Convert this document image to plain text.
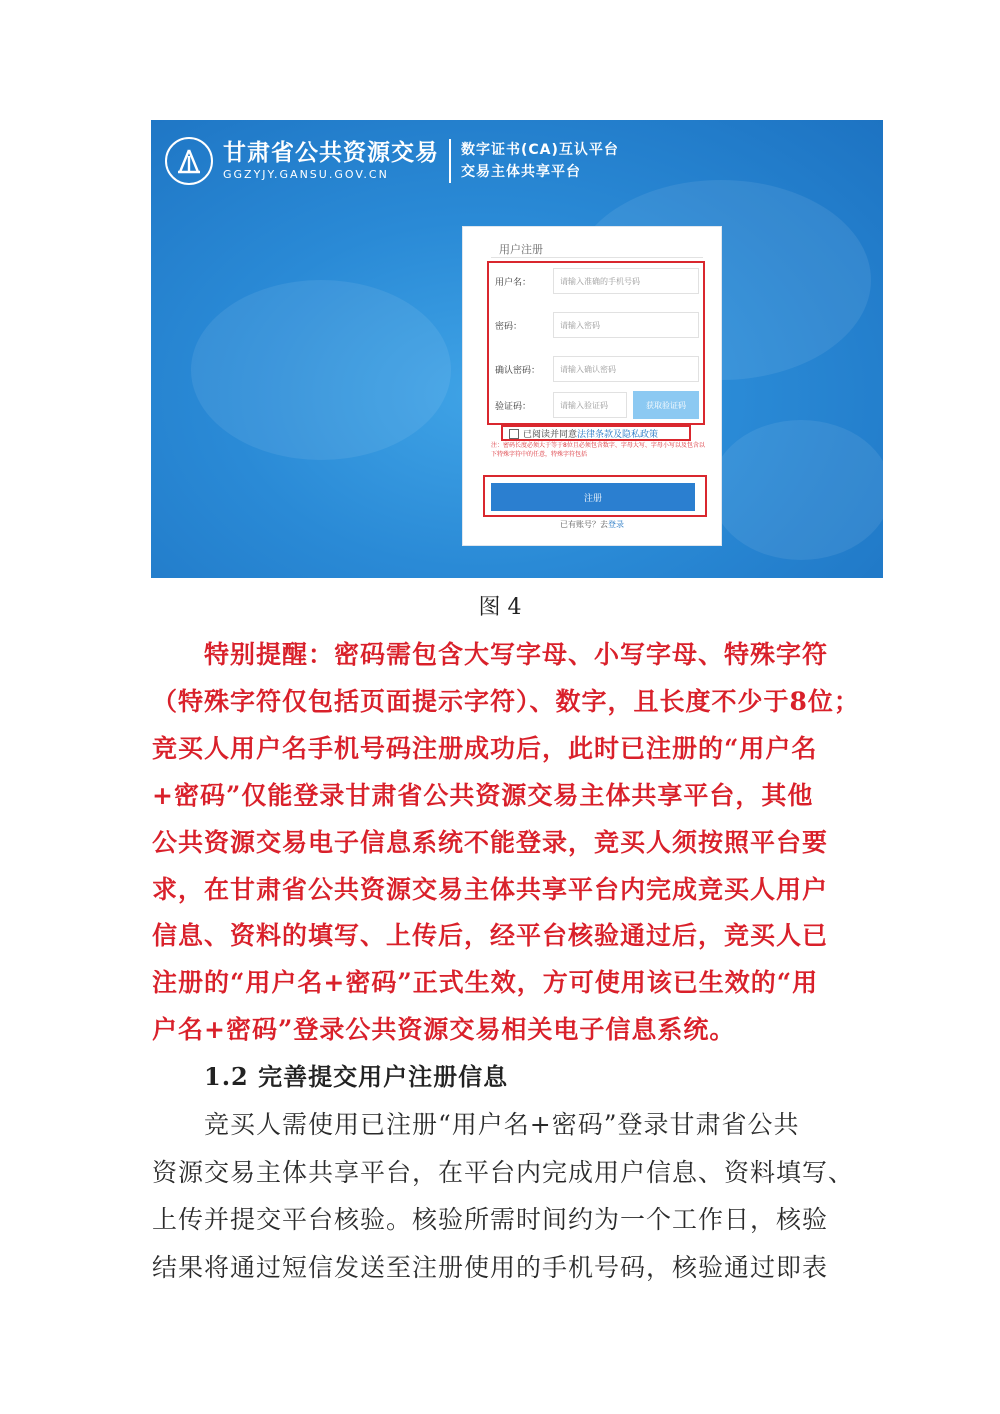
甘肃省公共资源交易
GGZYJY.GANSU.GOV.CN
数字证书(CA)互认平台
交易主体共享平台
用户注册
用户名：	请输入准确的手机号码
密码：	请输入密码
确认密码：	请输入确认密码
验证码：	请输入验证码	获取验证码
已阅读并同意 法律条款及隐私政策
注：密码长度必须大于等于8位且必须包含数字、字母大写、字母小写以及包含以下特殊字符中的任意，特殊字符包括
注册
已有账号？去登录
图 4

　　特别提醒：密码需包含大写字母、小写字母、特殊字符

（特殊字符仅包括页面提示字符）、数字，且长度不少于8位；

竞买人用户名手机号码注册成功后，此时已注册的“用户名

+密码”仅能登录甘肃省公共资源交易主体共享平台，其他

公共资源交易电子信息系统不能登录，竞买人须按照平台要

求，在甘肃省公共资源交易主体共享平台内完成竞买人用户

信息、资料的填写、上传后，经平台核验通过后，竞买人已

注册的“用户名+密码”正式生效，方可使用该已生效的“用

户名+密码”登录公共资源交易相关电子信息系统。

1.2 完善提交用户注册信息

　　竞买人需使用已注册“用户名+密码”登录甘肃省公共

资源交易主体共享平台，在平台内完成用户信息、资料填写、

上传并提交平台核验。核验所需时间约为一个工作日，核验

结果将通过短信发送至注册使用的手机号码，核验通过即表
